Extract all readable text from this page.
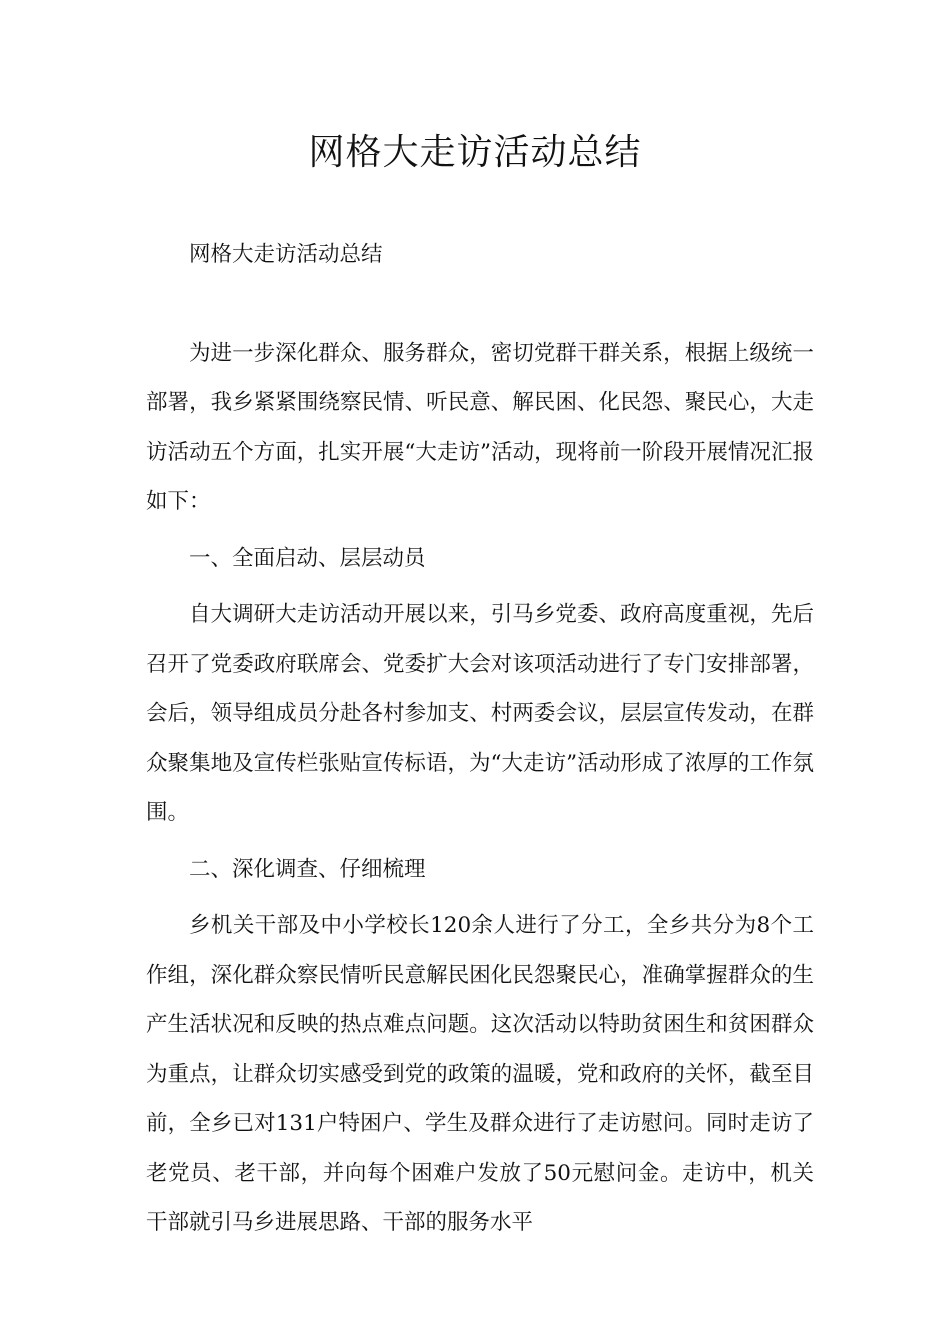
网格大走访活动总结

网格大走访活动总结

为进一步深化群众、服务群众，密切党群干群关系，根据上级统一部署，我乡紧紧围绕察民情、听民意、解民困、化民怨、聚民心，大走访活动五个方面，扎实开展“大走访”活动，现将前一阶段开展情况汇报如下：

一、全面启动、层层动员

自大调研大走访活动开展以来，引马乡党委、政府高度重视，先后召开了党委政府联席会、党委扩大会对该项活动进行了专门安排部署，会后，领导组成员分赴各村参加支、村两委会议，层层宣传发动，在群众聚集地及宣传栏张贴宣传标语，为“大走访”活动形成了浓厚的工作氛围。

二、深化调查、仔细梳理

乡机关干部及中小学校长120余人进行了分工，全乡共分为8个工作组，深化群众察民情听民意解民困化民怨聚民心，准确掌握群众的生产生活状况和反映的热点难点问题。这次活动以特助贫困生和贫困群众为重点，让群众切实感受到党的政策的温暖，党和政府的关怀，截至目前，全乡已对131户特困户、学生及群众进行了走访慰问。同时走访了老党员、老干部，并向每个困难户发放了50元慰问金。走访中，机关干部就引马乡进展思路、干部的服务水平
